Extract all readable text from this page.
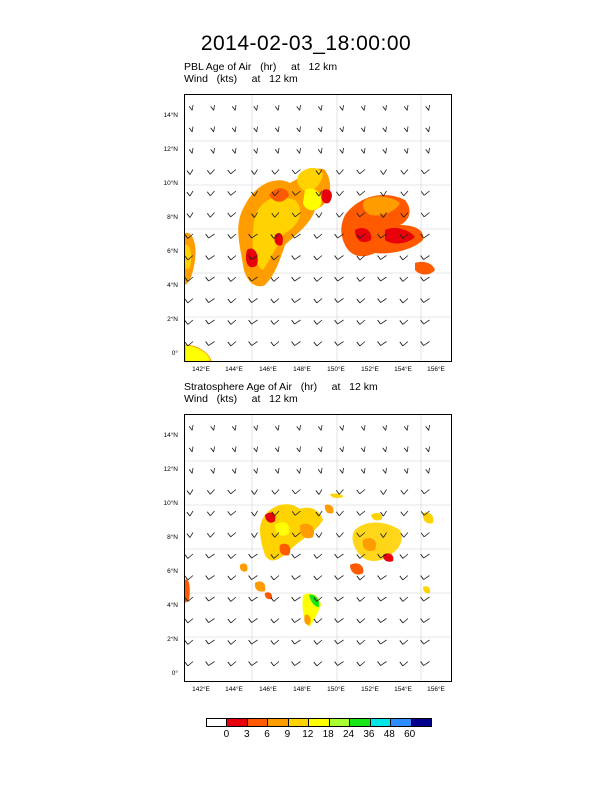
2014-02-03_18:00:00
PBL Age of Air   (hr)     at   12 km
Wind   (kts)     at   12 km
Stratosphere Age of Air   (hr)     at   12 km
Wind   (kts)     at   12 km
14°N
12°N
10°N
8°N
6°N
4°N
2°N
0°
142°E	144°E	146°E	148°E	150°E	152°E	154°E	156°E
14°N
12°N
10°N
8°N
6°N
4°N
2°N
0°
142°E	144°E	146°E	148°E	150°E	152°E	154°E	156°E
0	3	6	9	12 18 24 36 48 60
